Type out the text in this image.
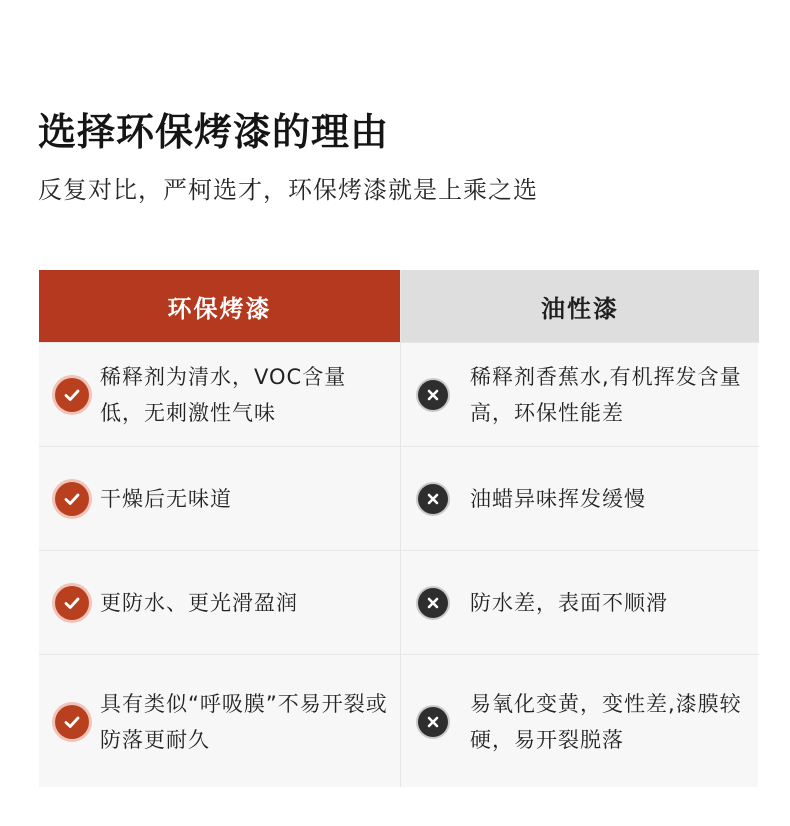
选择环保烤漆的理由
反复对比，严柯选才，环保烤漆就是上乘之选
环保烤漆
稀释剂为清水，VOC含量低，无刺激性气味
干燥后无味道
更防水、更光滑盈润
具有类似“呼吸膜”不易开裂或防落更耐久
油性漆
稀释剂香蕉水,有机挥发含量高，环保性能差
油蜡异味挥发缓慢
防水差，表面不顺滑
易氧化变黄，变性差,漆膜较硬，易开裂脱落
